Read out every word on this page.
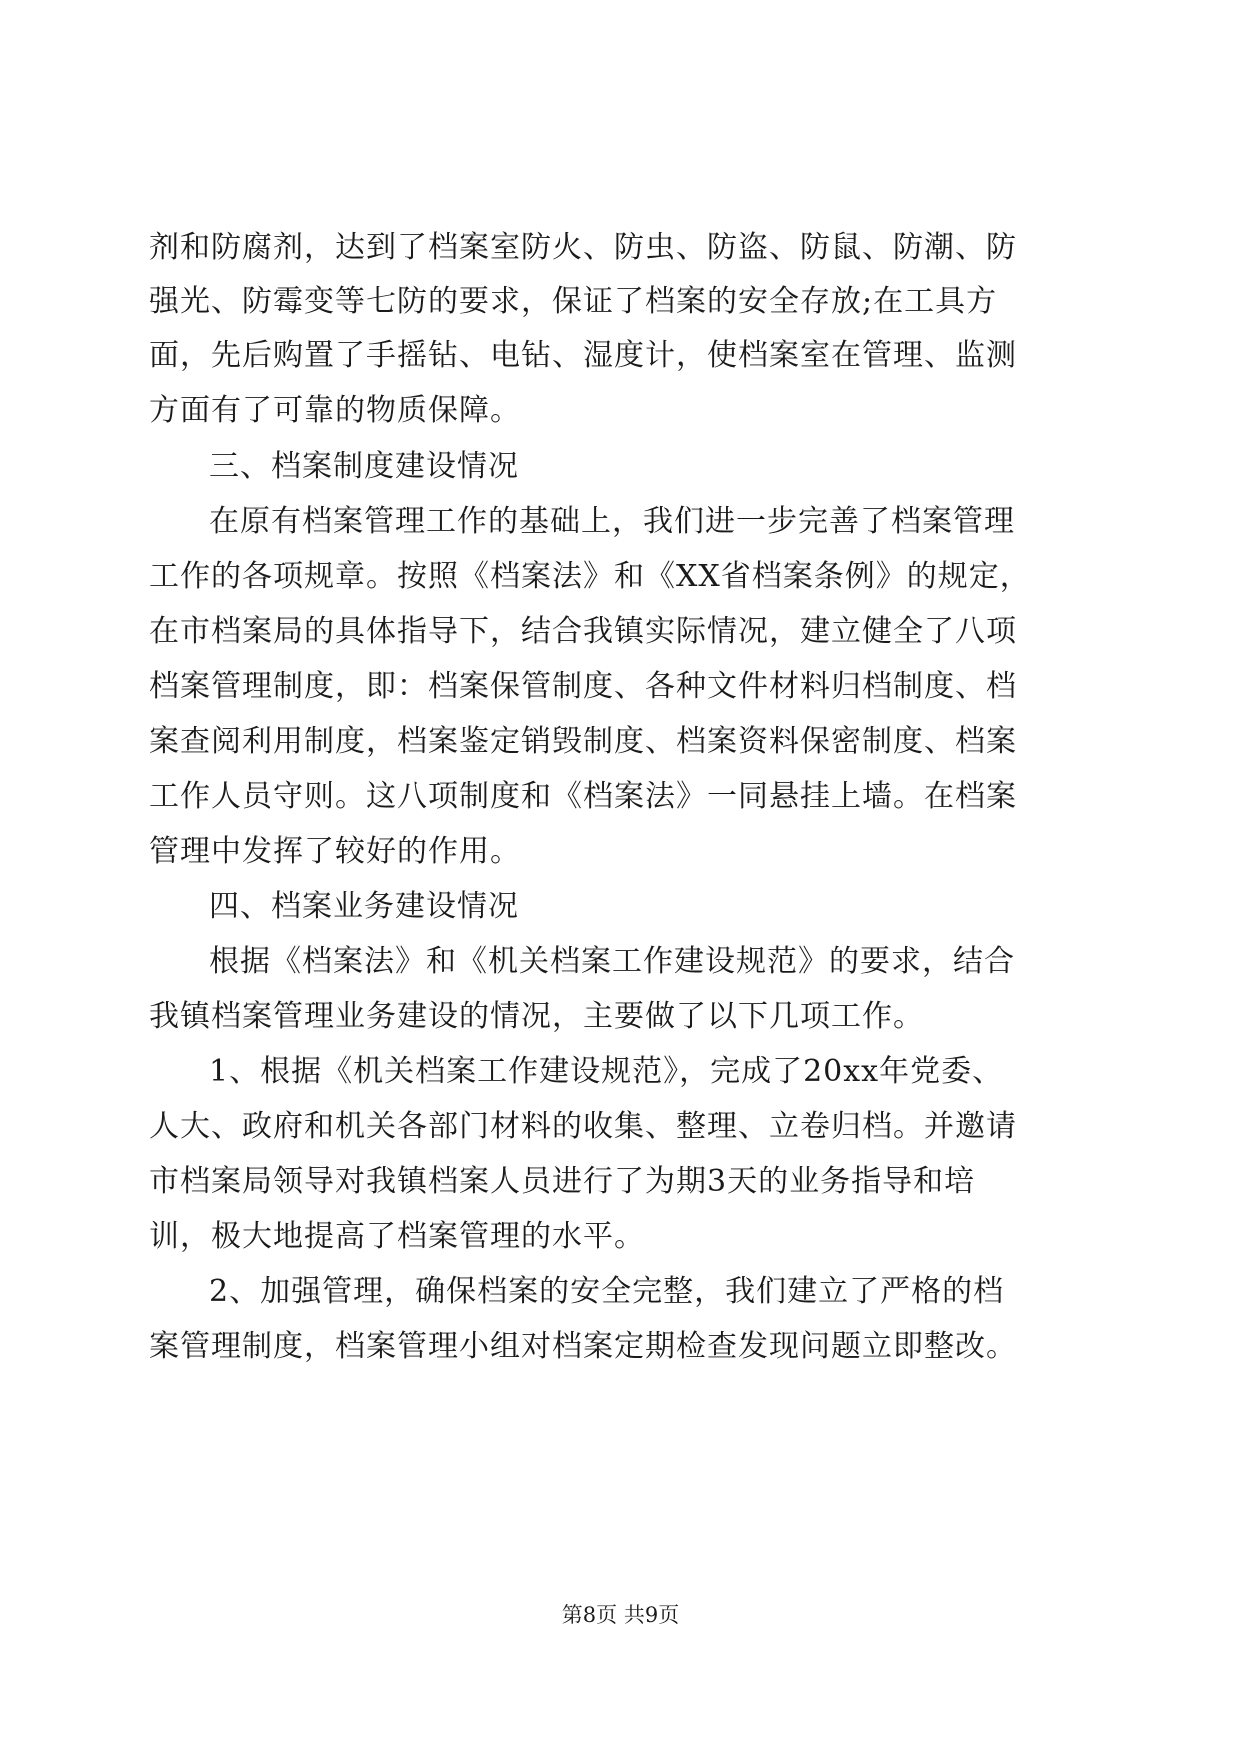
剂和防腐剂，达到了档案室防火、防虫、防盗、防鼠、防潮、防
强光、防霉变等七防的要求，保证了档案的安全存放;在工具方
面，先后购置了手摇钻、电钻、湿度计，使档案室在管理、监测
方面有了可靠的物质保障。
三、档案制度建设情况
在原有档案管理工作的基础上，我们进一步完善了档案管理
工作的各项规章。按照《档案法》和《XX省档案条例》的规定，
在市档案局的具体指导下，结合我镇实际情况，建立健全了八项
档案管理制度，即：档案保管制度、各种文件材料归档制度、档
案查阅利用制度，档案鉴定销毁制度、档案资料保密制度、档案
工作人员守则。这八项制度和《档案法》一同悬挂上墙。在档案
管理中发挥了较好的作用。
四、档案业务建设情况
根据《档案法》和《机关档案工作建设规范》的要求，结合
我镇档案管理业务建设的情况，主要做了以下几项工作。
1、根据《机关档案工作建设规范》，完成了20xx年党委、
人大、政府和机关各部门材料的收集、整理、立卷归档。并邀请
市档案局领导对我镇档案人员进行了为期3天的业务指导和培
训，极大地提高了档案管理的水平。
2、加强管理，确保档案的安全完整，我们建立了严格的档
案管理制度，档案管理小组对档案定期检查发现问题立即整改。
第8页 共9页
